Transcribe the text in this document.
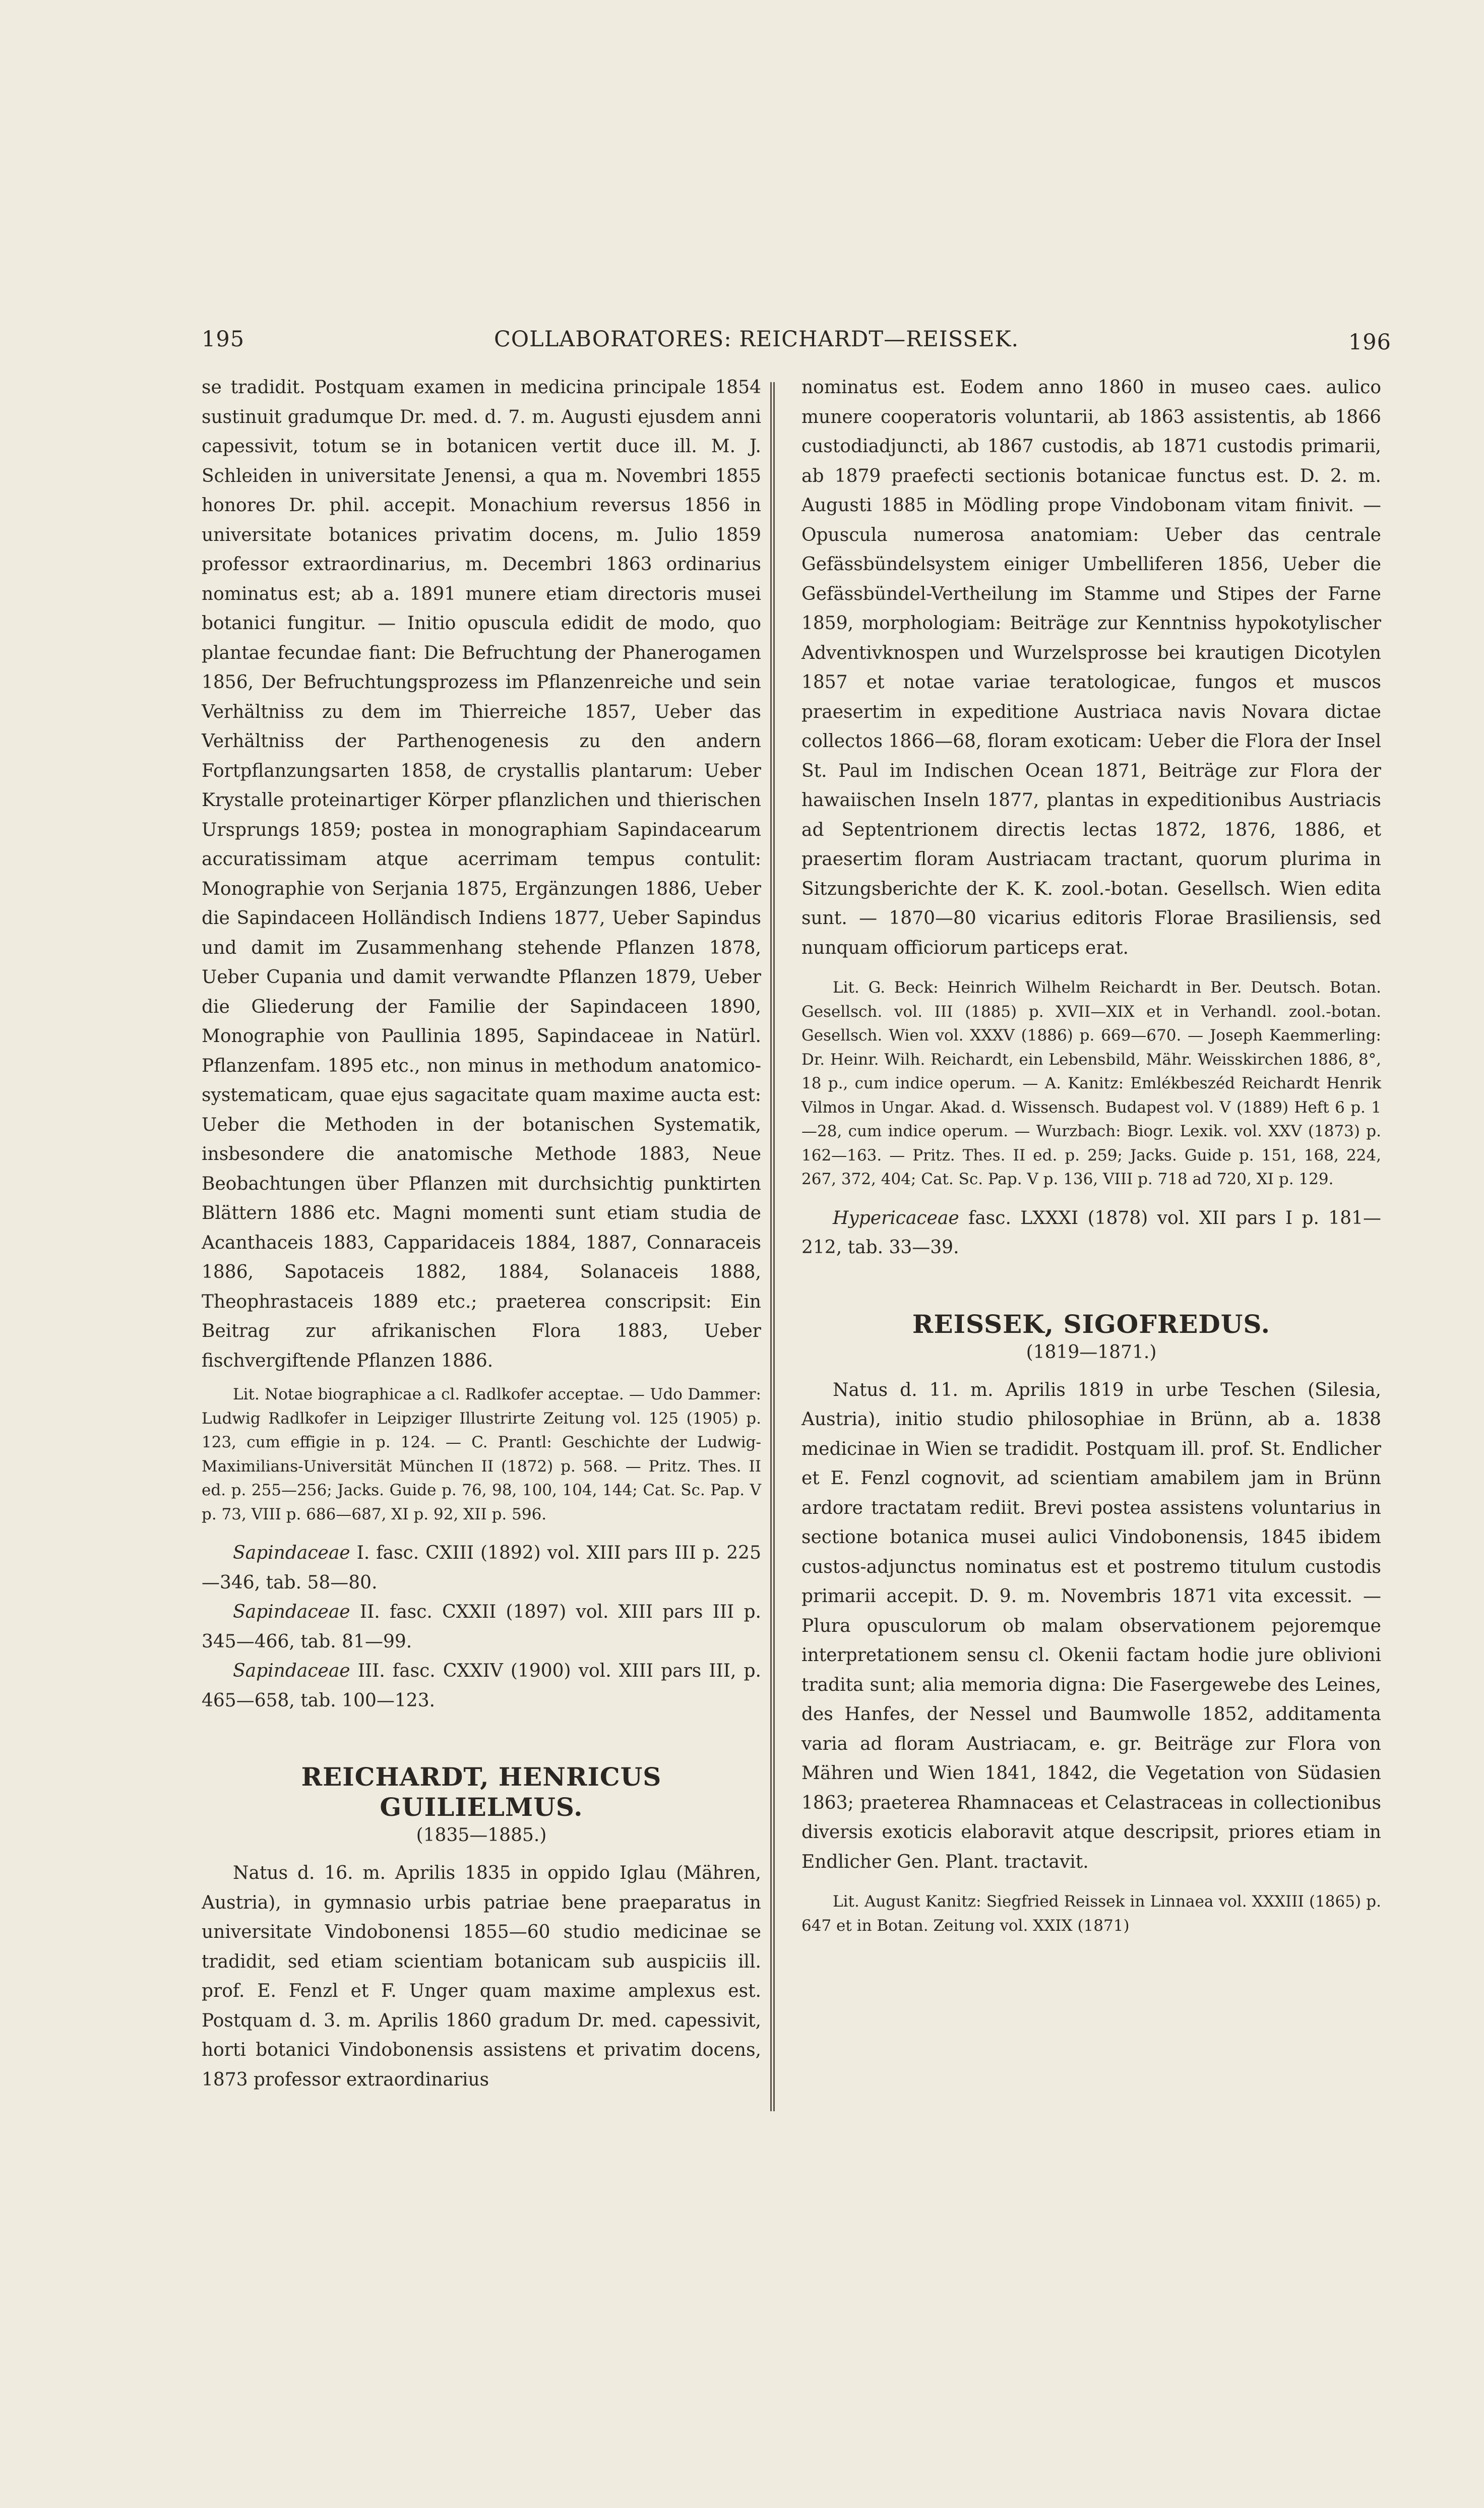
195	COLLABORATORES: REICHARDT—REISSEK.	196

se tradidit. Postquam examen in medicina principale 1854 sustinuit gradumque Dr. med. d. 7. m. Augusti ejusdem anni capessivit, totum se in botanicen vertit duce ill. M. J. Schleiden in universitate Jenensi, a qua m. Novembri 1855 honores Dr. phil. accepit. Monachium reversus 1856 in universitate botanices privatim docens, m. Julio 1859 professor extraordinarius, m. Decembri 1863 ordinarius nominatus est; ab a. 1891 munere etiam directoris musei botanici fungitur. — Initio opuscula edidit de modo, quo plantae fecundae fiant: Die Befruchtung der Phanerogamen 1856, Der Befruchtungsprozess im Pflanzenreiche und sein Verhältniss zu dem im Thierreiche 1857, Ueber das Verhältniss der Parthenogenesis zu den andern Fortpflanzungsarten 1858, de crystallis plantarum: Ueber Krystalle proteinartiger Körper pflanzlichen und thierischen Ursprungs 1859; postea in monographiam Sapindacearum accuratissimam atque acerrimam tempus contulit: Monographie von Serjania 1875, Ergänzungen 1886, Ueber die Sapindaceen Holländisch Indiens 1877, Ueber Sapindus und damit im Zusammenhang stehende Pflanzen 1878, Ueber Cupania und damit verwandte Pflanzen 1879, Ueber die Gliederung der Familie der Sapindaceen 1890, Monographie von Paullinia 1895, Sapindaceae in Natürl. Pflanzenfam. 1895 etc., non minus in methodum anatomico-systematicam, quae ejus sagacitate quam maxime aucta est: Ueber die Methoden in der botanischen Systematik, insbesondere die anatomische Methode 1883, Neue Beobachtungen über Pflanzen mit durchsichtig punktirten Blättern 1886 etc. Magni momenti sunt etiam studia de Acanthaceis 1883, Capparidaceis 1884, 1887, Connaraceis 1886, Sapotaceis 1882, 1884, Solanaceis 1888, Theophrastaceis 1889 etc.; praeterea conscripsit: Ein Beitrag zur afrikanischen Flora 1883, Ueber fischvergiftende Pflanzen 1886.

Lit. Notae biographicae a cl. Radlkofer acceptae. — Udo Dammer: Ludwig Radlkofer in Leipziger Illustrirte Zeitung vol. 125 (1905) p. 123, cum effigie in p. 124. — C. Prantl: Geschichte der Ludwig-Maximilians-Universität München II (1872) p. 568. — Pritz. Thes. II ed. p. 255—256; Jacks. Guide p. 76, 98, 100, 104, 144; Cat. Sc. Pap. V p. 73, VIII p. 686—687, XI p. 92, XII p. 596.

Sapindaceae I. fasc. CXIII (1892) vol. XIII pars III p. 225—346, tab. 58—80.

Sapindaceae II. fasc. CXXII (1897) vol. XIII pars III p. 345—466, tab. 81—99.

Sapindaceae III. fasc. CXXIV (1900) vol. XIII pars III, p. 465—658, tab. 100—123.

REICHARDT, HENRICUS GUILIELMUS.

(1835—1885.)

Natus d. 16. m. Aprilis 1835 in oppido Iglau (Mähren, Austria), in gymnasio urbis patriae bene praeparatus in universitate Vindobonensi 1855—60 studio medicinae se tradidit, sed etiam scientiam botanicam sub auspiciis ill. prof. E. Fenzl et F. Unger quam maxime amplexus est. Postquam d. 3. m. Aprilis 1860 gradum Dr. med. capessivit, horti botanici Vindobonensis assistens et privatim docens, 1873 professor extraordinarius

nominatus est. Eodem anno 1860 in museo caes. aulico munere cooperatoris voluntarii, ab 1863 assistentis, ab 1866 custodiadjuncti, ab 1867 custodis, ab 1871 custodis primarii, ab 1879 praefecti sectionis botanicae functus est. D. 2. m. Augusti 1885 in Mödling prope Vindobonam vitam finivit. — Opuscula numerosa anatomiam: Ueber das centrale Gefässbündelsystem einiger Umbelliferen 1856, Ueber die Gefässbündel-Vertheilung im Stamme und Stipes der Farne 1859, morphologiam: Beiträge zur Kenntniss hypokotylischer Adventivknospen und Wurzelsprosse bei krautigen Dicotylen 1857 et notae variae teratologicae, fungos et muscos praesertim in expeditione Austriaca navis Novara dictae collectos 1866—68, floram exoticam: Ueber die Flora der Insel St. Paul im Indischen Ocean 1871, Beiträge zur Flora der hawaiischen Inseln 1877, plantas in expeditionibus Austriacis ad Septentrionem directis lectas 1872, 1876, 1886, et praesertim floram Austriacam tractant, quorum plurima in Sitzungsberichte der K. K. zool.-botan. Gesellsch. Wien edita sunt. — 1870—80 vicarius editoris Florae Brasiliensis, sed nunquam officiorum particeps erat.

Lit. G. Beck: Heinrich Wilhelm Reichardt in Ber. Deutsch. Botan. Gesellsch. vol. III (1885) p. XVII—XIX et in Verhandl. zool.-botan. Gesellsch. Wien vol. XXXV (1886) p. 669—670. — Joseph Kaemmerling: Dr. Heinr. Wilh. Reichardt, ein Lebensbild, Mähr. Weisskirchen 1886, 8°, 18 p., cum indice operum. — A. Kanitz: Emlékbeszéd Reichardt Henrik Vilmos in Ungar. Akad. d. Wissensch. Budapest vol. V (1889) Heft 6 p. 1—28, cum indice operum. — Wurzbach: Biogr. Lexik. vol. XXV (1873) p. 162—163. — Pritz. Thes. II ed. p. 259; Jacks. Guide p. 151, 168, 224, 267, 372, 404; Cat. Sc. Pap. V p. 136, VIII p. 718 ad 720, XI p. 129.

Hypericaceae fasc. LXXXI (1878) vol. XII pars I p. 181—212, tab. 33—39.

REISSEK, SIGOFREDUS.

(1819—1871.)

Natus d. 11. m. Aprilis 1819 in urbe Teschen (Silesia, Austria), initio studio philosophiae in Brünn, ab a. 1838 medicinae in Wien se tradidit. Postquam ill. prof. St. Endlicher et E. Fenzl cognovit, ad scientiam amabilem jam in Brünn ardore tractatam rediit. Brevi postea assistens voluntarius in sectione botanica musei aulici Vindobonensis, 1845 ibidem custos-adjunctus nominatus est et postremo titulum custodis primarii accepit. D. 9. m. Novembris 1871 vita excessit. — Plura opusculorum ob malam observationem pejoremque interpretationem sensu cl. Okenii factam hodie jure oblivioni tradita sunt; alia memoria digna: Die Fasergewebe des Leines, des Hanfes, der Nessel und Baumwolle 1852, additamenta varia ad floram Austriacam, e. gr. Beiträge zur Flora von Mähren und Wien 1841, 1842, die Vegetation von Südasien 1863; praeterea Rhamnaceas et Celastraceas in collectionibus diversis exoticis elaboravit atque descripsit, priores etiam in Endlicher Gen. Plant. tractavit.

Lit. August Kanitz: Siegfried Reissek in Linnaea vol. XXXIII (1865) p. 647 et in Botan. Zeitung vol. XXIX (1871)
